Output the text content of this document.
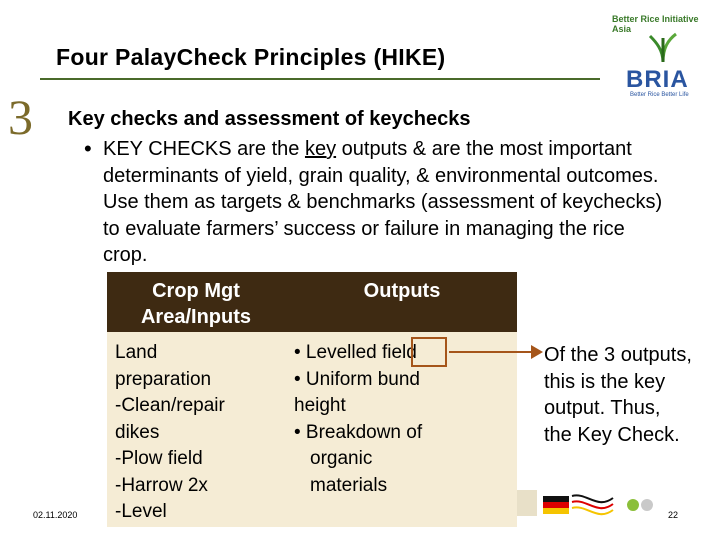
Four PalayCheck Principles (HIKE)
Better Rice Initiative Asia
BRIA
Better Rice Better Life
3 Key checks and assessment of keychecks
• KEY CHECKS are the key outputs & are the most important determinants of yield, grain quality, & environmental outcomes. Use them as targets & benchmarks (assessment of keychecks) to evaluate farmers’ success or failure in managing the rice crop.
Crop Mgt
Area/Inputs
Outputs
Land
preparation
-Clean/repair
dikes
-Plow field
-Harrow 2x
-Level
• Levelled field
• Uniform bund
height
• Breakdown of
organic
materials
Of the 3 outputs,
this is the key
output. Thus,
the Key Check.
02.11.2020	22
